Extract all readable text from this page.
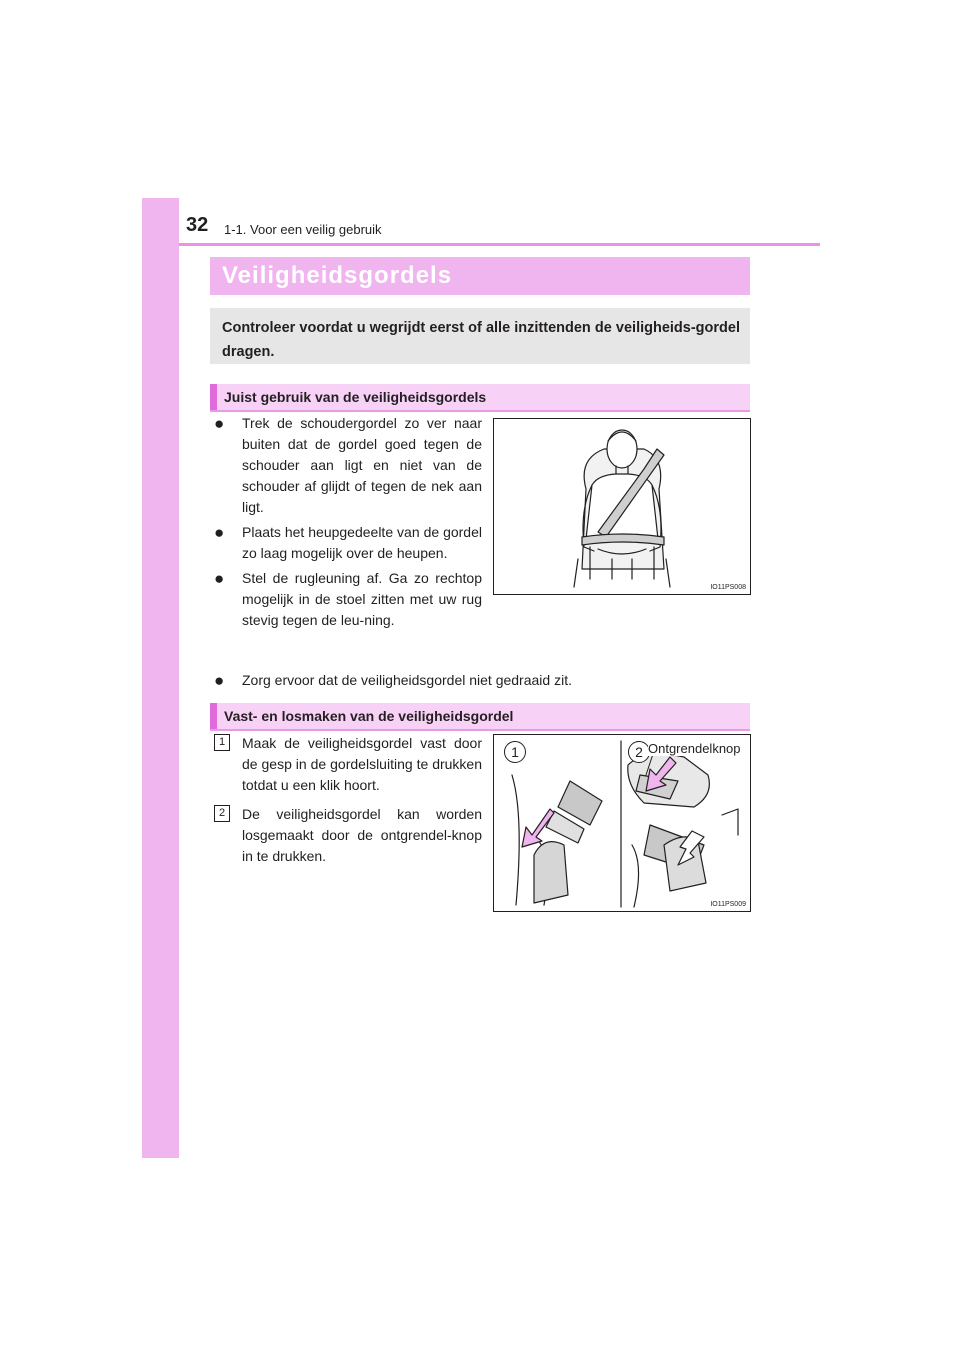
32 1-1. Voor een veilig gebruik
Veiligheidsgordels
Controleer voordat u wegrijdt eerst of alle inzittenden de veiligheids-gordel dragen.
Juist gebruik van de veiligheidsgordels
● Trek de schoudergordel zo ver naar buiten dat de gordel goed tegen de schouder aan ligt en niet van de schouder af glijdt of tegen de nek aan ligt.
● Plaats het heupgedeelte van de gordel zo laag mogelijk over de heupen.
● Stel de rugleuning af. Ga zo rechtop mogelijk in de stoel zitten met uw rug stevig tegen de leu-ning.
● Zorg ervoor dat de veiligheidsgordel niet gedraaid zit.
IO11PS008
Vast- en losmaken van de veiligheidsgordel
1	Maak de veiligheidsgordel vast door de gesp in de gordelsluiting te drukken totdat u een klik hoort.
2	De veiligheidsgordel kan worden losgemaakt door de ontgrendel-knop in te drukken.
1	2 Ontgrendelknop
IO11PS009
